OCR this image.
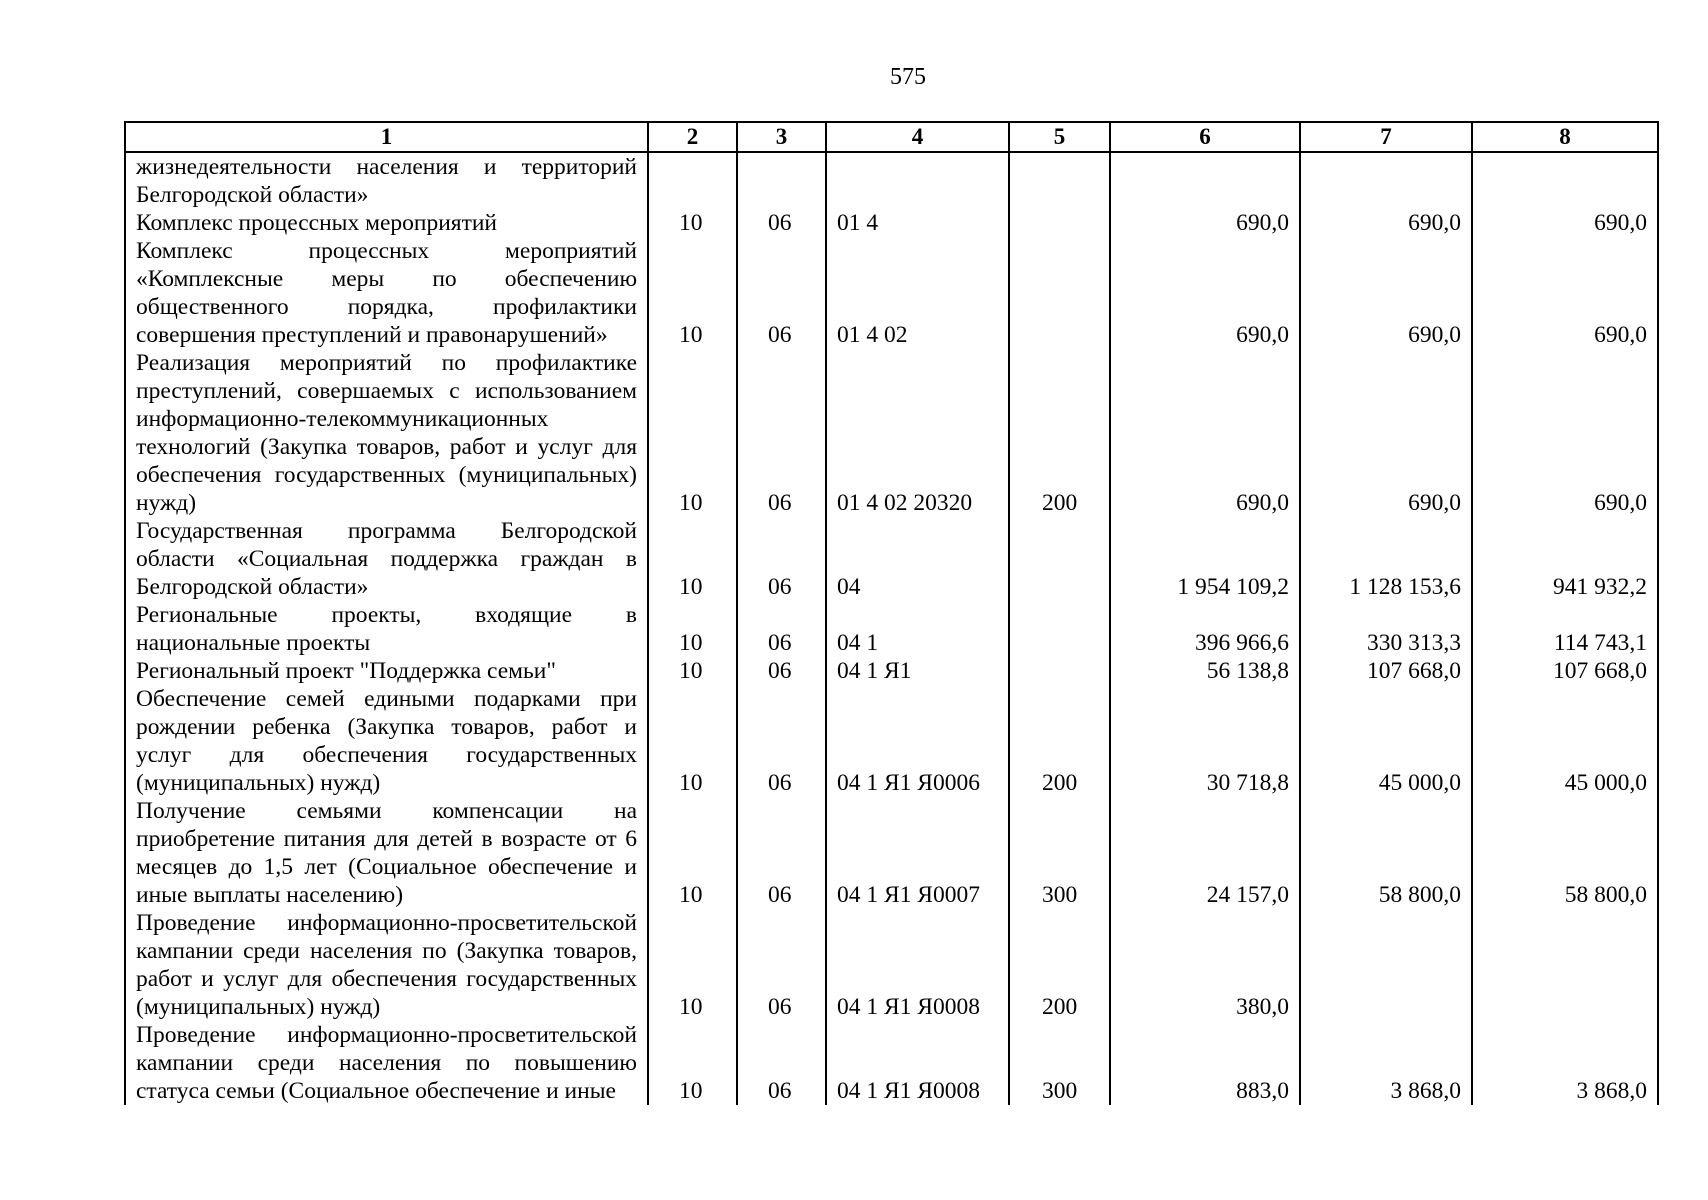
575
1	2	3	4	5	6	7	8
жизнедеятельности населения и территорий Белгородской области»							
Комплекс процессных мероприятий	10	06	01 4		690,0	690,0	690,0
Комплекс процессных мероприятий «Комплексные меры по обеспечению общественного порядка, профилактики совершения преступлений и правонарушений»	10	06	01 4 02		690,0	690,0	690,0
Реализация мероприятий по профилактике преступлений, совершаемых с использованием информационно-телекоммуникационных технологий (Закупка товаров, работ и услуг для обеспечения государственных (муниципальных) нужд)	10	06	01 4 02 20320	200	690,0	690,0	690,0
Государственная программа Белгородской области «Социальная поддержка граждан в Белгородской области»	10	06	04		1 954 109,2	1 128 153,6	941 932,2
Региональные проекты, входящие в национальные проекты	10	06	04 1		396 966,6	330 313,3	114 743,1
Региональный проект "Поддержка семьи"	10	06	04 1 Я1		56 138,8	107 668,0	107 668,0
Обеспечение семей едиными подарками при рождении ребенка (Закупка товаров, работ и услуг для обеспечения государственных (муниципальных) нужд)	10	06	04 1 Я1 Я0006	200	30 718,8	45 000,0	45 000,0
Получение семьями компенсации на приобретение питания для детей в возрасте от 6 месяцев до 1,5 лет (Социальное обеспечение и иные выплаты населению)	10	06	04 1 Я1 Я0007	300	24 157,0	58 800,0	58 800,0
Проведение информационно-просветительской кампании среди населения по (Закупка товаров, работ и услуг для обеспечения государственных (муниципальных) нужд)	10	06	04 1 Я1 Я0008	200	380,0		
Проведение информационно-просветительской кампании среди населения по повышению статуса семьи (Социальное обеспечение и иные	10	06	04 1 Я1 Я0008	300	883,0	3 868,0	3 868,0
